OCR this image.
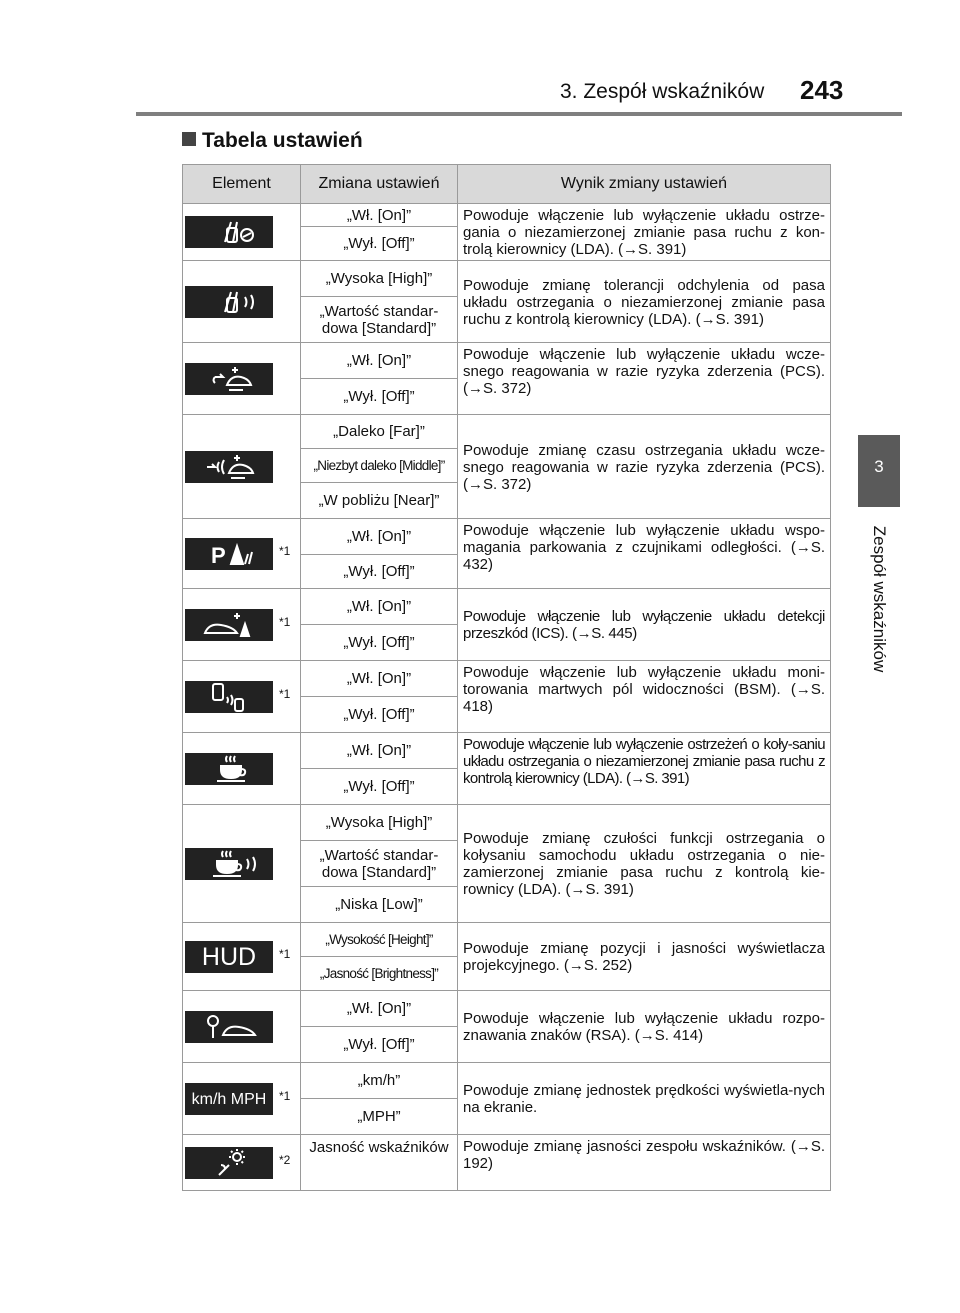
3. Zespół wskaźników 243
3
Zespół wskaźników
Tabela ustawień
Element	Zmiana ustawień	Wynik zmiany ustawień

	„Wł. [On]”	Powoduje włączenie lub wyłączenie układu ostrze-gania o niezamierzonej zmianie pasa ruchu z kon-trolą kierownicy (LDA). (→S. 391)
	„Wył. [Off]”	

	„Wysoka [High]”	Powoduje zmianę tolerancji odchylenia od pasa układu ostrzegania o niezamierzonej zmianie pasa ruchu z kontrolą kierownicy (LDA). (→S. 391)
	„Wartość standar-dowa [Standard]”	

	„Wł. [On]”	Powoduje włączenie lub wyłączenie układu wcze-snego reagowania w razie ryzyka zderzenia (PCS). (→S. 372)
	„Wył. [Off]”	

	„Daleko [Far]”	Powoduje zmianę czasu ostrzegania układu wcze-snego reagowania w razie ryzyka zderzenia (PCS). (→S. 372)
	„Niezbyt daleko [Middle]”	
	„W pobliżu [Near]”	

P *1	„Wł. [On]”	Powoduje włączenie lub wyłączenie układu wspo-magania parkowania z czujnikami odległości. (→S. 432)
	„Wył. [Off]”	

*1	„Wł. [On]”	Powoduje włączenie lub wyłączenie układu detekcji przeszkód (ICS). (→S. 445)
	„Wył. [Off]”	

*1	„Wł. [On]”	Powoduje włączenie lub wyłączenie układu moni-torowania martwych pól widoczności (BSM). (→S. 418)
	„Wył. [Off]”	

	„Wł. [On]”	Powoduje włączenie lub wyłączenie ostrzeżeń o koły-saniu układu ostrzegania o niezamierzonej zmianie pasa ruchu z kontrolą kierownicy (LDA). (→S. 391)
	„Wył. [Off]”	

	„Wysoka [High]”	Powoduje zmianę czułości funkcji ostrzegania o kołysaniu samochodu układu ostrzegania o nie-zamierzonej zmianie pasa ruchu z kontrolą kie-rownicy (LDA). (→S. 391)
	„Wartość standar-dowa [Standard]”	
	„Niska [Low]”	

HUD *1	„Wysokość [Height]”	Powoduje zmianę pozycji i jasności wyświetlacza projekcyjnego. (→S. 252)
	„Jasność [Brightness]”	

	„Wł. [On]”	Powoduje włączenie lub wyłączenie układu rozpo-znawania znaków (RSA). (→S. 414)
	„Wył. [Off]”	

km/h MPH *1	„km/h”	Powoduje zmianę jednostek prędkości wyświetla-nych na ekranie.
	„MPH”	

*2	Jasność wskaźników	Powoduje zmianę jasności zespołu wskaźników. (→S. 192)
